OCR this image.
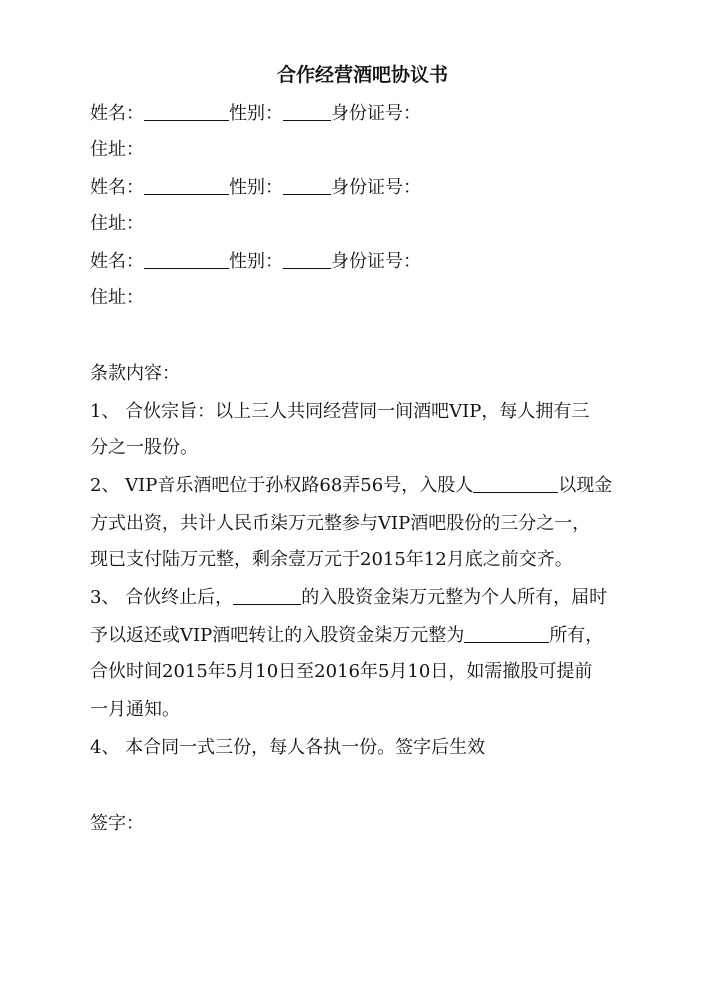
合作经营酒吧协议书
姓名：	性别：	身份证号：
住址：
姓名：	性别：	身份证号：
住址：
姓名：	性别：	身份证号：
住址：
条款内容：
1、 合伙宗旨：以上三人共同经营同一间酒吧VIP，每人拥有三
分之一股份。
2、 VIP音乐酒吧位于孙权路68弄56号，入股人	以现金
方式出资，共计人民币柒万元整参与VIP酒吧股份的三分之一，
现已支付陆万元整，剩余壹万元于2015年12月底之前交齐。
3、 合伙终止后，	的入股资金柒万元整为个人所有，届时
予以返还或VIP酒吧转让的入股资金柒万元整为	所有，
合伙时间2015年5月10日至2016年5月10日，如需撤股可提前
一月通知。
4、 本合同一式三份，每人各执一份。签字后生效
签字：
